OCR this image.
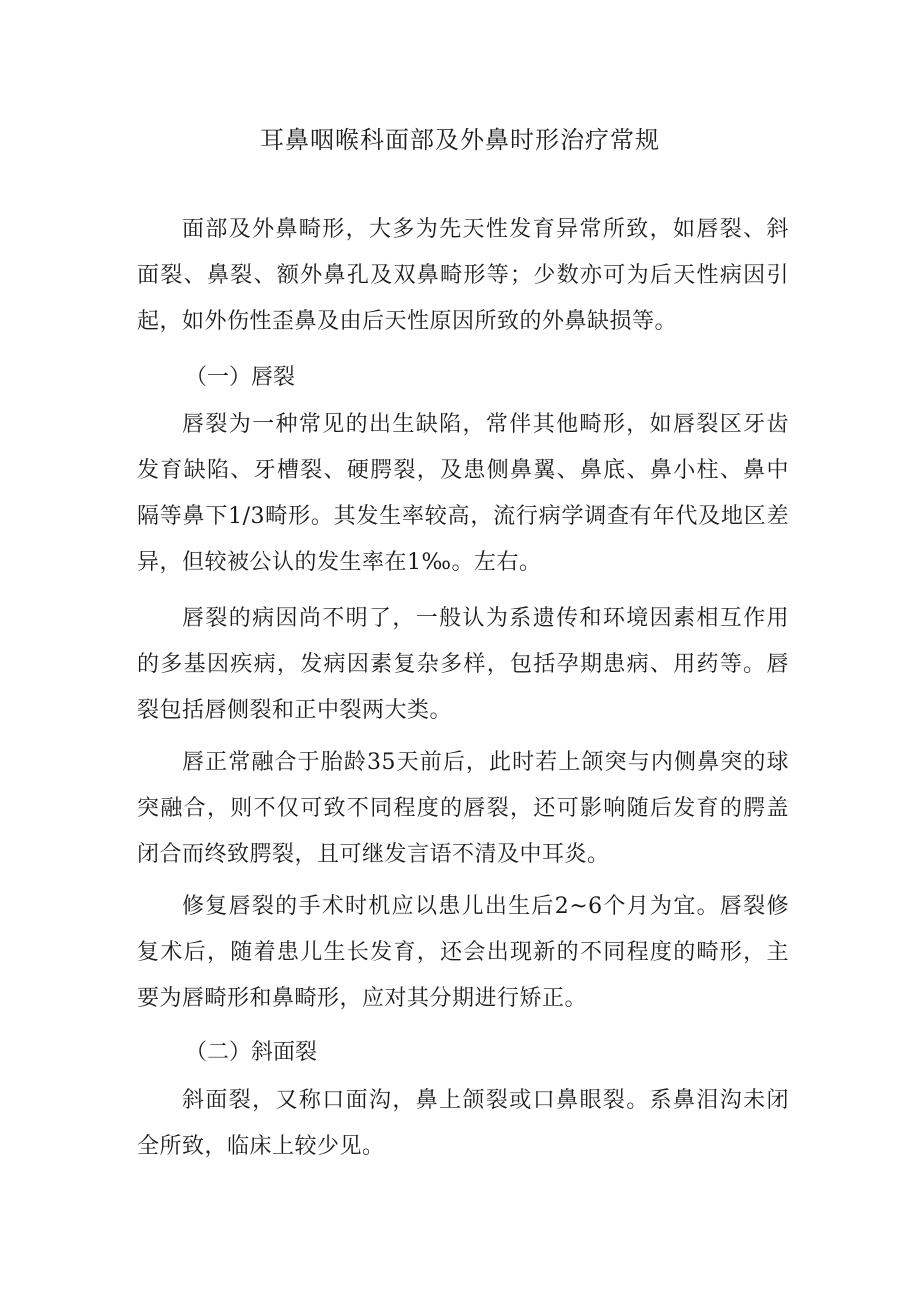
耳鼻咽喉科面部及外鼻时形治疗常规

面部及外鼻畸形，大多为先天性发育异常所致，如唇裂、斜面裂、鼻裂、额外鼻孔及双鼻畸形等；少数亦可为后天性病因引起，如外伤性歪鼻及由后天性原因所致的外鼻缺损等。

（一）唇裂

唇裂为一种常见的出生缺陷，常伴其他畸形，如唇裂区牙齿发育缺陷、牙槽裂、硬腭裂，及患侧鼻翼、鼻底、鼻小柱、鼻中隔等鼻下1/3畸形。其发生率较高，流行病学调查有年代及地区差异，但较被公认的发生率在1‰。左右。

唇裂的病因尚不明了，一般认为系遗传和环境因素相互作用的多基因疾病，发病因素复杂多样，包括孕期患病、用药等。唇裂包括唇侧裂和正中裂两大类。

唇正常融合于胎龄35天前后，此时若上颌突与内侧鼻突的球突融合，则不仅可致不同程度的唇裂，还可影响随后发育的腭盖闭合而终致腭裂，且可继发言语不清及中耳炎。

修复唇裂的手术时机应以患儿出生后2~6个月为宜。唇裂修复术后，随着患儿生长发育，还会出现新的不同程度的畸形，主要为唇畸形和鼻畸形，应对其分期进行矫正。

（二）斜面裂

斜面裂，又称口面沟，鼻上颌裂或口鼻眼裂。系鼻泪沟未闭全所致，临床上较少见。
